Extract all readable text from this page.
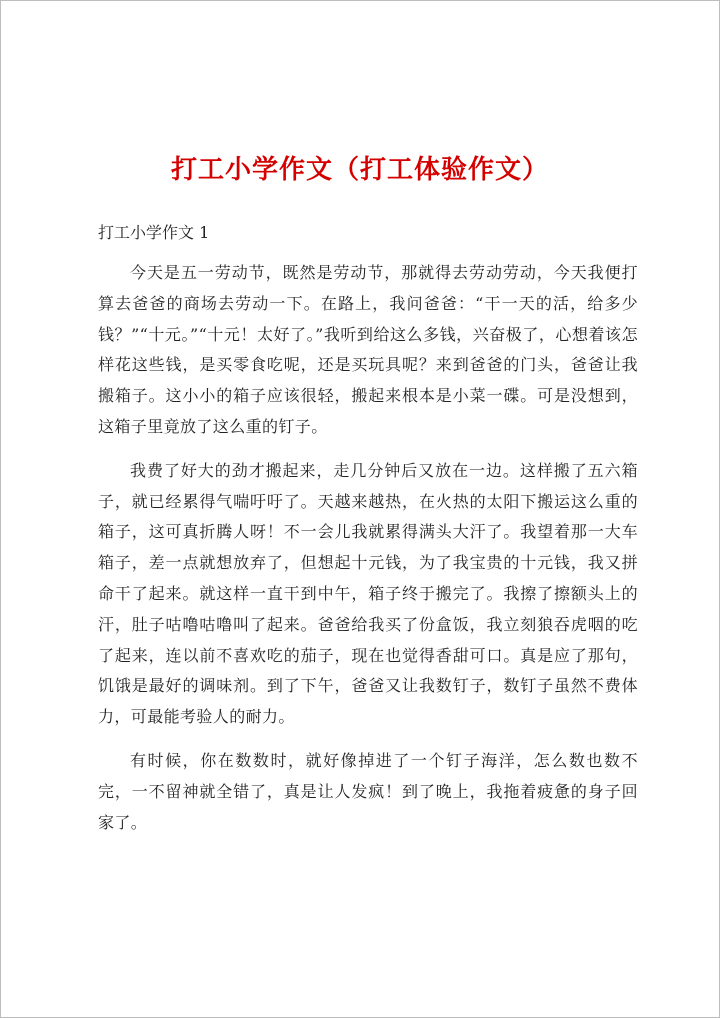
打工小学作文（打工体验作文）
打工小学作文 1

今天是五一劳动节，既然是劳动节，那就得去劳动劳动，今天我便打算去爸爸的商场去劳动一下。在路上，我问爸爸：“干一天的活，给多少钱？”“十元。”“十元！太好了。”我听到给这么多钱，兴奋极了，心想着该怎样花这些钱，是买零食吃呢，还是买玩具呢？来到爸爸的门头，爸爸让我搬箱子。这小小的箱子应该很轻，搬起来根本是小菜一碟。可是没想到，这箱子里竟放了这么重的钉子。

我费了好大的劲才搬起来，走几分钟后又放在一边。这样搬了五六箱子，就已经累得气喘吁吁了。天越来越热，在火热的太阳下搬运这么重的箱子，这可真折腾人呀！不一会儿我就累得满头大汗了。我望着那一大车箱子，差一点就想放弃了，但想起十元钱，为了我宝贵的十元钱，我又拼命干了起来。就这样一直干到中午，箱子终于搬完了。我擦了擦额头上的汗，肚子咕噜咕噜叫了起来。爸爸给我买了份盒饭，我立刻狼吞虎咽的吃了起来，连以前不喜欢吃的茄子，现在也觉得香甜可口。真是应了那句，饥饿是最好的调味剂。到了下午，爸爸又让我数钉子，数钉子虽然不费体力，可最能考验人的耐力。

有时候，你在数数时，就好像掉进了一个钉子海洋，怎么数也数不完，一不留神就全错了，真是让人发疯！到了晚上，我拖着疲惫的身子回家了。
